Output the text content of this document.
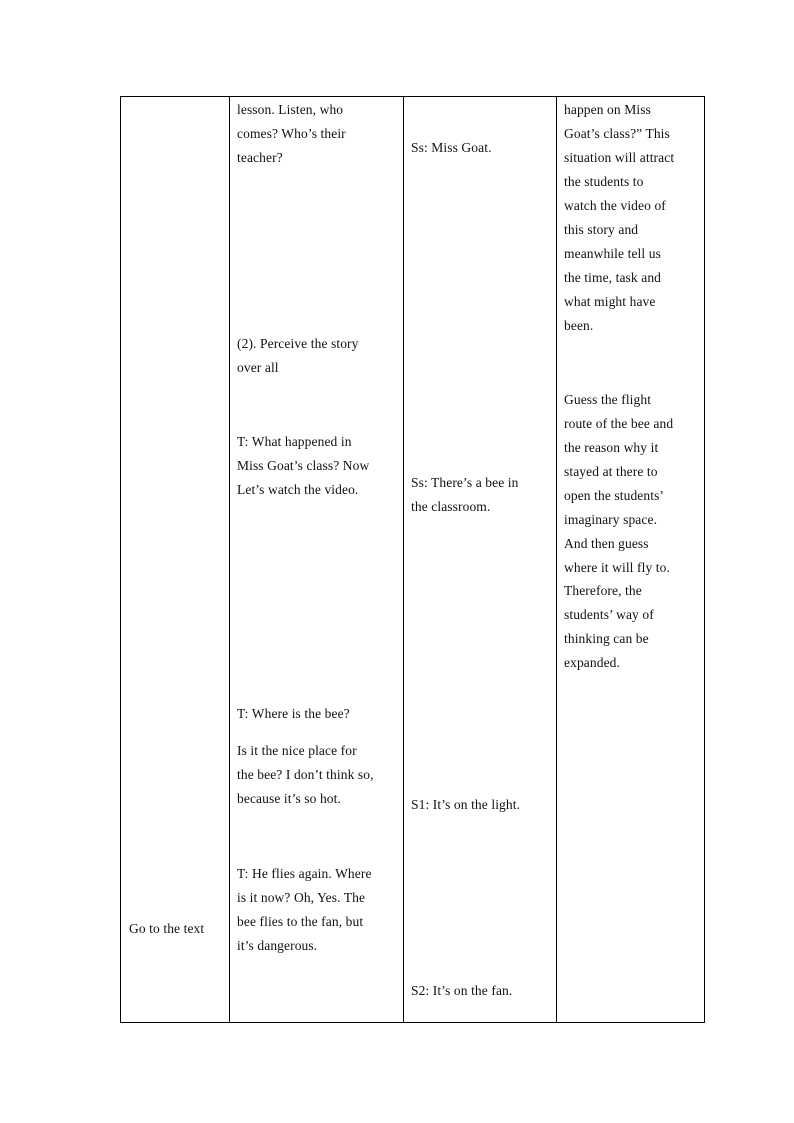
Go to the text
lesson. Listen, who
comes? Who’s their
teacher?
(2). Perceive the story
over all
T: What happened in
Miss Goat’s class? Now
Let’s watch the video.
T: Where is the bee?
Is it the nice place for
the bee? I don’t think so,
because it’s so hot.
T: He flies again. Where
is it now? Oh, Yes. The
bee flies to the fan, but
it’s dangerous.
Ss: Miss Goat.
Ss: There’s a bee in
the classroom.
S1: It’s on the light.
S2: It’s on the fan.
happen on Miss
Goat’s class?” This
situation will attract
the students to
watch the video of
this story and
meanwhile tell us
the time, task and
what might have
been.
Guess the flight
route of the bee and
the reason why it
stayed at there to
open the students’
imaginary space.
And then guess
where it will fly to.
Therefore, the
students’ way of
thinking can be
expanded.
